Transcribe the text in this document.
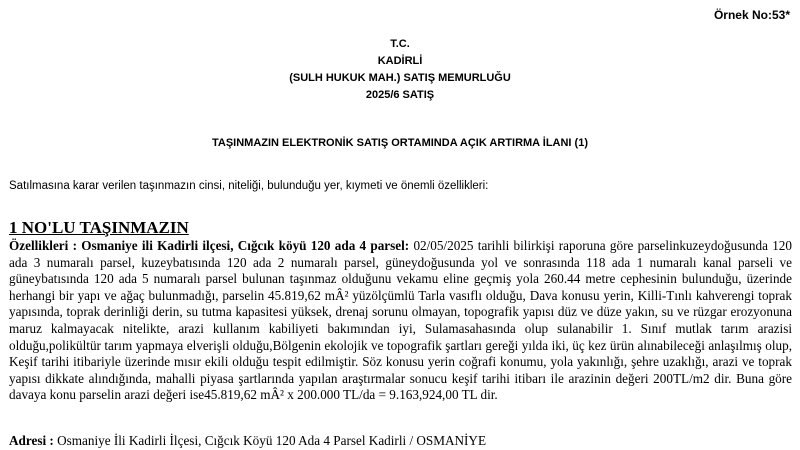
Örnek No:53*
T.C.
KADİRLİ
(SULH HUKUK MAH.) SATIŞ MEMURLUĞU
2025/6 SATIŞ
TAŞINMAZIN ELEKTRONİK SATIŞ ORTAMINDA AÇIK ARTIRMA İLANI (1)
Satılmasına karar verilen taşınmazın cinsi, niteliği, bulunduğu yer, kıymeti ve önemli özellikleri:
1 NO'LU TAŞINMAZIN
Özellikleri : Osmaniye ili Kadirli ilçesi, Cığcık köyü 120 ada 4 parsel: 02/05/2025 tarihli bilirkişi raporuna göre parselinkuzeydoğusunda 120 ada 3 numaralı parsel, kuzeybatısında 120 ada 2 numaralı parsel, güneydoğusunda yol ve sonrasında 118 ada 1 numaralı kanal parseli ve güneybatısında 120 ada 5 numaralı parsel bulunan taşınmaz olduğunu vekamu eline geçmiş yola 260.44 metre cephesinin bulunduğu, üzerinde herhangi bir yapı ve ağaç bulunmadığı, parselin 45.819,62 mÂ² yüzölçümlü Tarla vasıflı olduğu, Dava konusu yerin, Killi-Tınlı kahverengi toprak yapısında, toprak derinliği derin, su tutma kapasitesi yüksek, drenaj sorunu olmayan, topografik yapısı düz ve düze yakın, su ve rüzgar erozyonuna maruz kalmayacak nitelikte, arazi kullanım kabiliyeti bakımından iyi, Sulamasahasında olup sulanabilir 1. Sınıf mutlak tarım arazisi olduğu,polikültür tarım yapmaya elverişli olduğu,Bölgenin ekolojik ve topografik şartları gereği yılda iki, üç kez ürün alınabileceği anlaşılmış olup, Keşif tarihi itibariyle üzerinde mısır ekili olduğu tespit edilmiştir. Söz konusu yerin coğrafi konumu, yola yakınlığı, şehre uzaklığı, arazi ve toprak yapısı dikkate alındığında, mahalli piyasa şartlarında yapılan araştırmalar sonucu keşif tarihi itibarı ile arazinin değeri 200TL/m2 dir. Buna göre davaya konu parselin arazi değeri ise45.819,62 mÂ² x 200.000 TL/da = 9.163,924,00 TL dir.
Adresi : Osmaniye İli Kadirli İlçesi, Cığcık Köyü 120 Ada 4 Parsel Kadirli / OSMANİYE
